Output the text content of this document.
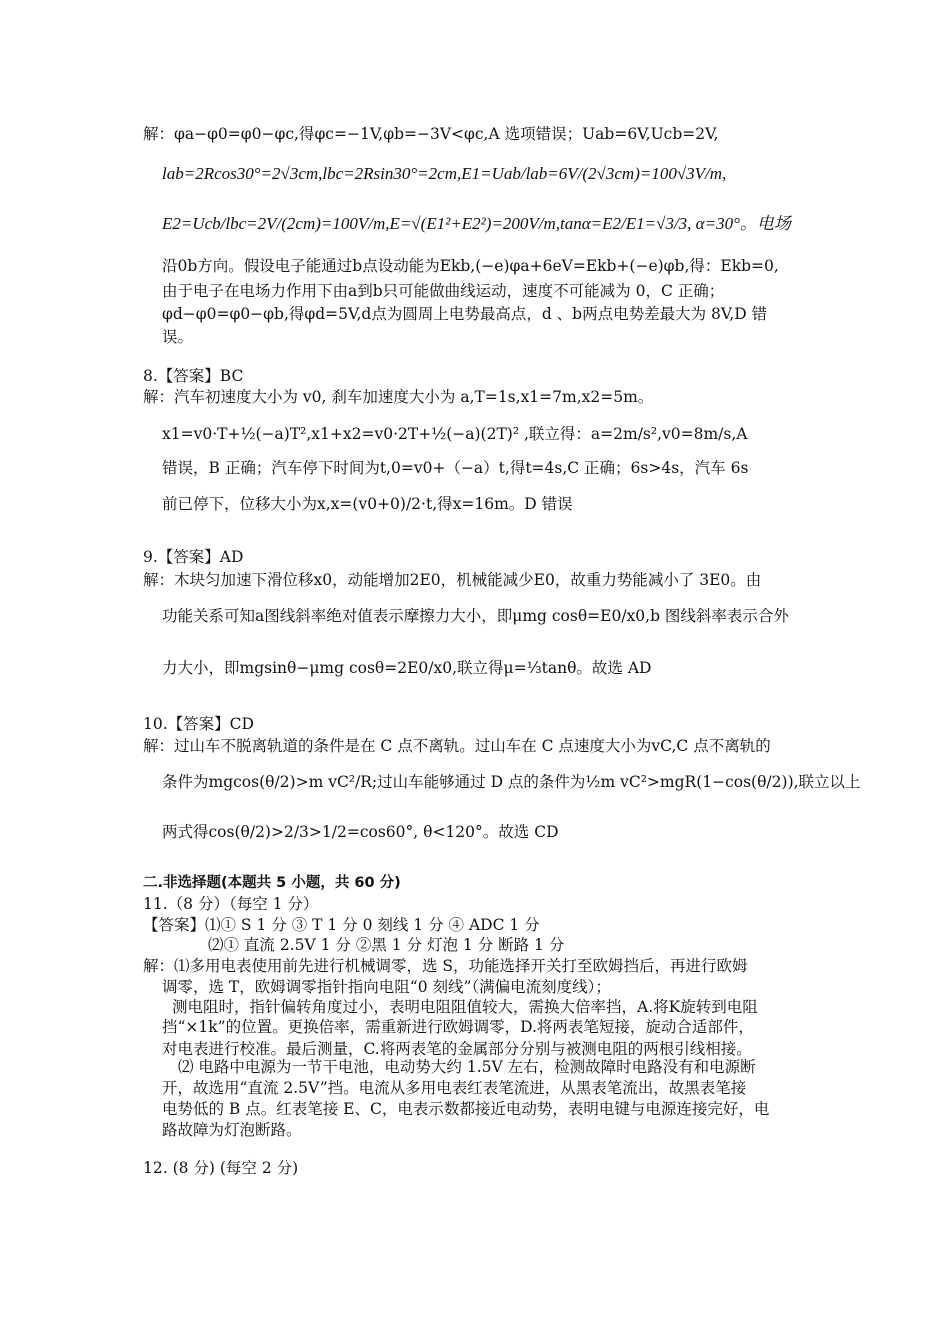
解：φa−φ0=φ0−φc,得φc=−1V,φb=−3V<φc,A 选项错误；Uab=6V,Ucb=2V,
lab=2Rcos30°=2√3cm,lbc=2Rsin30°=2cm,E1=Uab/lab=6V/(2√3cm)=100√3V/m,
E2=Ucb/lbc=2V/(2cm)=100V/m,E=√(E1²+E2²)=200V/m,tanα=E2/E1=√3/3, α=30°。电场
沿0b方向。假设电子能通过b点设动能为Ekb,(−e)φa+6eV=Ekb+(−e)φb,得：Ekb=0,
由于电子在电场力作用下由a到b只可能做曲线运动，速度不可能减为 0，C 正确；
φd−φ0=φ0−φb,得φd=5V,d点为圆周上电势最高点，d 、b两点电势差最大为 8V,D 错
误。
8.【答案】BC
解：汽车初速度大小为 v0, 刹车加速度大小为 a,T=1s,x1=7m,x2=5m。
x1=v0·T+½(−a)T²,x1+x2=v0·2T+½(−a)(2T)² ,联立得：a=2m/s²,v0=8m/s,A
错误，B 正确；汽车停下时间为t,0=v0+（−a）t,得t=4s,C 正确；6s>4s，汽车 6s
前已停下，位移大小为x,x=(v0+0)/2·t,得x=16m。D 错误
9.【答案】AD
解：木块匀加速下滑位移x0，动能增加2E0，机械能减少E0，故重力势能减小了 3E0。由
功能关系可知a图线斜率绝对值表示摩擦力大小，即μmg cosθ=E0/x0,b 图线斜率表示合外
力大小，即mgsinθ−μmg cosθ=2E0/x0,联立得μ=⅓tanθ。故选 AD
10.【答案】CD
解：过山车不脱离轨道的条件是在 C 点不离轨。过山车在 C 点速度大小为vC,C 点不离轨的
条件为mgcos(θ/2)>m vC²/R;过山车能够通过 D 点的条件为½m vC²>mgR(1−cos(θ/2)),联立以上
两式得cos(θ/2)>2/3>1/2=cos60°, θ<120°。故选 CD
二.非选择题(本题共 5 小题，共 60 分)
11.（8 分）（每空 1 分）
【答案】⑴① S 1 分 ③ T 1 分 0 刻线 1 分 ④ ADC 1 分
⑵① 直流 2.5V 1 分 ②黑 1 分 灯泡 1 分 断路 1 分
解：⑴多用电表使用前先进行机械调零，选 S，功能选择开关打至欧姆挡后，再进行欧姆
调零，选 T，欧姆调零指针指向电阻“0 刻线”（满偏电流刻度线）；
测电阻时，指针偏转角度过小，表明电阻阻值较大，需换大倍率挡，A.将K旋转到电阻
挡“×1k”的位置。更换倍率，需重新进行欧姆调零，D.将两表笔短接，旋动合适部件，
对电表进行校准。最后测量，C.将两表笔的金属部分分别与被测电阻的两根引线相接。
⑵ 电路中电源为一节干电池，电动势大约 1.5V 左右，检测故障时电路没有和电源断
开，故选用“直流 2.5V”挡。电流从多用电表红表笔流进，从黑表笔流出，故黑表笔接
电势低的 B 点。红表笔接 E、C，电表示数都接近电动势，表明电键与电源连接完好，电
路故障为灯泡断路。
12. (8 分) (每空 2 分)
